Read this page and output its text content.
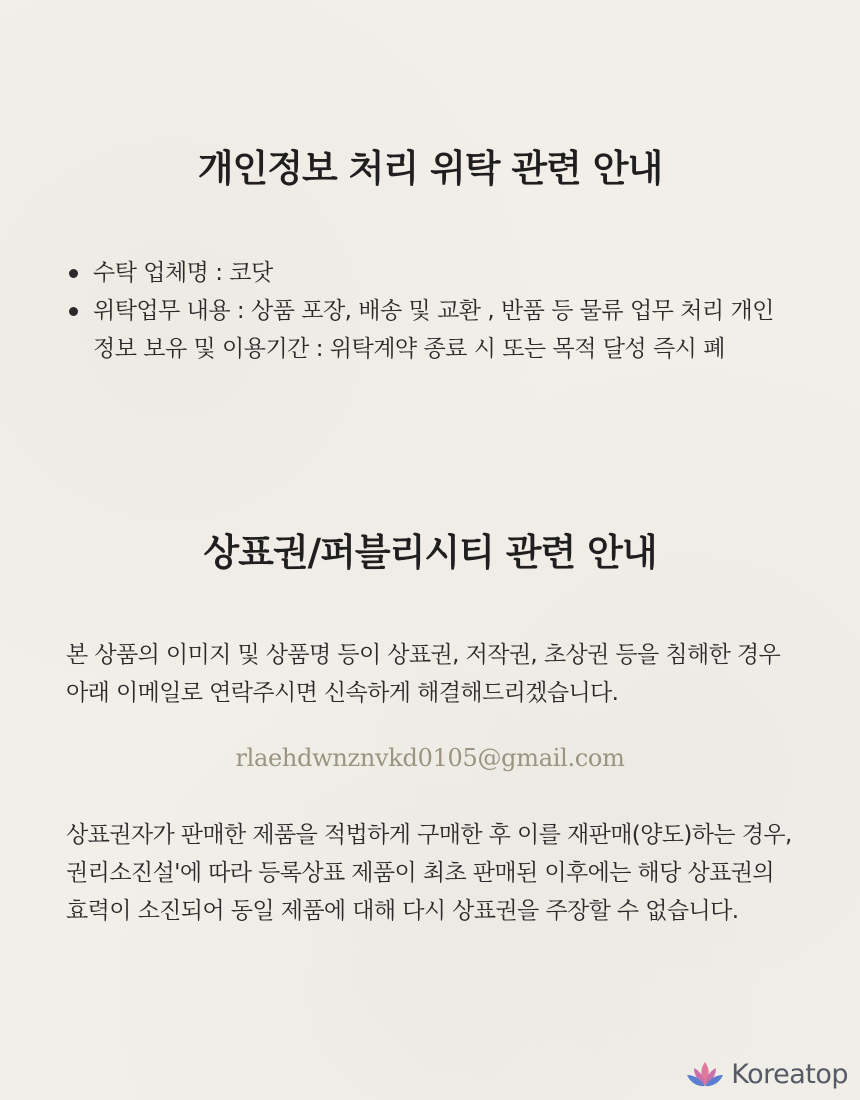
개인정보 처리 위탁 관련 안내
수탁 업체명 : 코닷
위탁업무 내용 : 상품 포장, 배송 및 교환 , 반품 등 물류 업무 처리 개인정보 보유 및 이용기간 : 위탁계약 종료 시 또는 목적 달성 즉시 폐
상표권/퍼블리시티 관련 안내

본 상품의 이미지 및 상품명 등이 상표권, 저작권, 초상권 등을 침해한 경우 아래 이메일로 연락주시면 신속하게 해결해드리겠습니다.

rlaehdwnznvkd0105@gmail.com

상표권자가 판매한 제품을 적법하게 구매한 후 이를 재판매(양도)하는 경우, 권리소진설'에 따라 등록상표 제품이 최초 판매된 이후에는 해당 상표권의 효력이 소진되어 동일 제품에 대해 다시 상표권을 주장할 수 없습니다.

Koreatop
